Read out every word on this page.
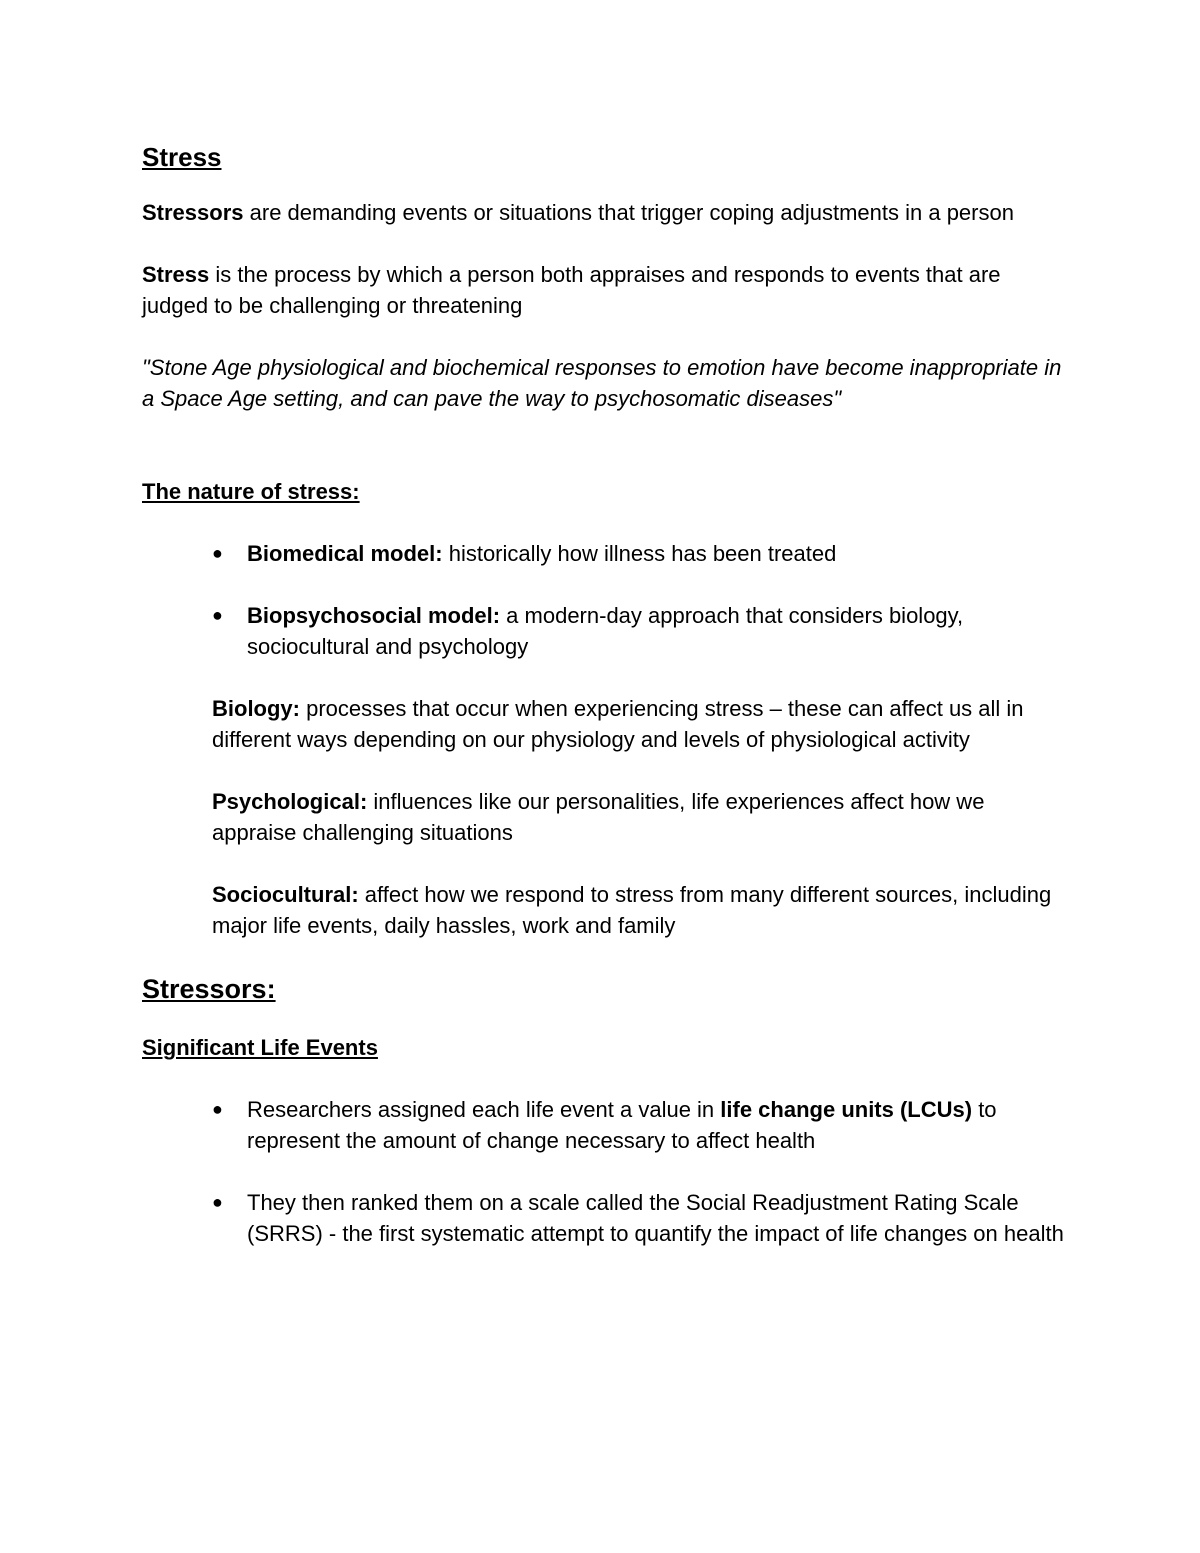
Stress

Stressors are demanding events or situations that trigger coping adjustments in a person

Stress is the process by which a person both appraises and responds to events that are judged to be challenging or threatening

"Stone Age physiological and biochemical responses to emotion have become inappropriate in a Space Age setting, and can pave the way to psychosomatic diseases"

The nature of stress:
● Biomedical model: historically how illness has been treated
● Biopsychosocial model: a modern-day approach that considers biology, sociocultural and psychology

Biology: processes that occur when experiencing stress – these can affect us all in different ways depending on our physiology and levels of physiological activity

Psychological: influences like our personalities, life experiences affect how we appraise challenging situations

Sociocultural: affect how we respond to stress from many different sources, including major life events, daily hassles, work and family

Stressors:
Significant Life Events
● Researchers assigned each life event a value in life change units (LCUs) to represent the amount of change necessary to affect health
● They then ranked them on a scale called the Social Readjustment Rating Scale (SRRS) - the first systematic attempt to quantify the impact of life changes on health
